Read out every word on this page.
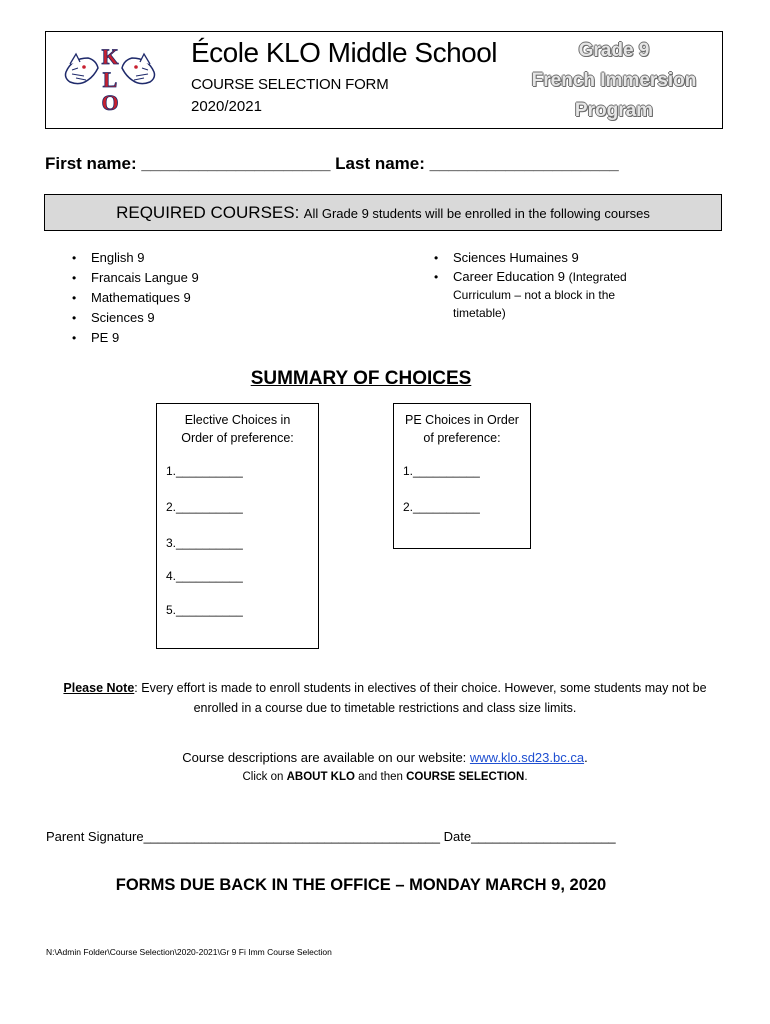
K
L
O
École KLO Middle School
COURSE SELECTION FORM
2020/2021
Grade 9
French Immersion
Program
First name: ____________________ Last name: ____________________
REQUIRED COURSES: All Grade 9 students will be enrolled in the following courses
• English 9
• Francais Langue 9
• Mathematiques 9
• Sciences 9
• PE 9
• Sciences Humaines 9
• Career Education 9 (Integrated Curriculum – not a block in the timetable)
SUMMARY OF CHOICES
Elective Choices in
Order of preference:
1.__________
2.__________
3.__________
4.__________
5.__________
PE Choices in Order
of preference:
1.__________
2.__________
Please Note: Every effort is made to enroll students in electives of their choice. However, some students may not be enrolled in a course due to timetable restrictions and class size limits.
Course descriptions are available on our website: www.klo.sd23.bc.ca.
Click on ABOUT KLO and then COURSE SELECTION.
Parent Signature_________________________________________ Date____________________
FORMS DUE BACK IN THE OFFICE – MONDAY MARCH 9, 2020
N:\Admin Folder\Course Selection\2020-2021\Gr 9 Fi Imm Course Selection
